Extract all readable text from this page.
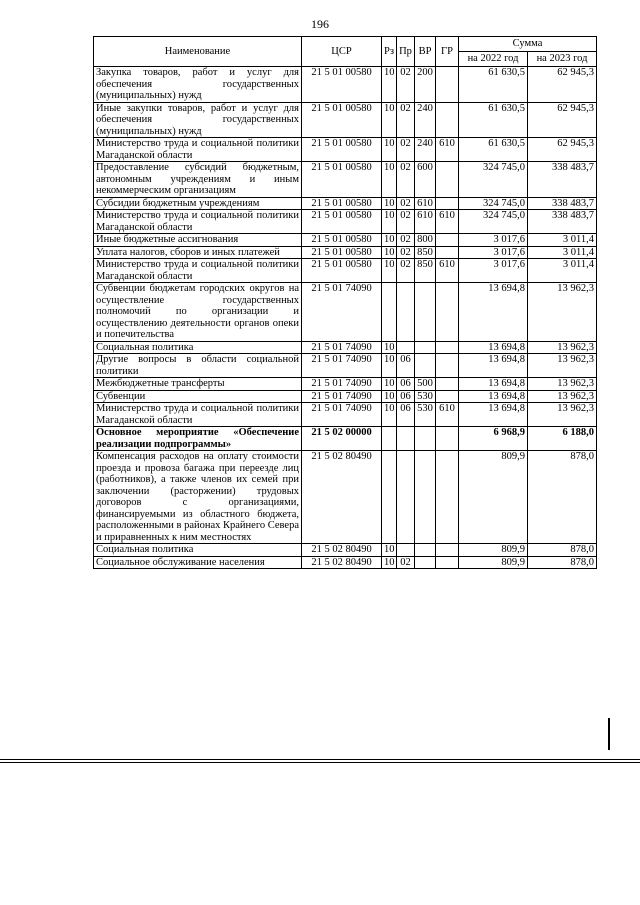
196
Наименование	ЦСР	Рз	Пр	ВР	ГР	Сумма	
						на 2022 год	на 2023 год
Закупка товаров, работ и услуг для обеспечения государственных (муниципальных) нужд	21 5 01 00580	10	02	200		61 630,5	62 945,3
Иные закупки товаров, работ и услуг для обеспечения государственных (муниципальных) нужд	21 5 01 00580	10	02	240		61 630,5	62 945,3
Министерство труда и социальной политики Магаданской области	21 5 01 00580	10	02	240	610	61 630,5	62 945,3
Предоставление субсидий бюджетным, автономным учреждениям и иным некоммерческим организациям	21 5 01 00580	10	02	600		324 745,0	338 483,7
Субсидии бюджетным учреждениям	21 5 01 00580	10	02	610		324 745,0	338 483,7
Министерство труда и социальной политики Магаданской области	21 5 01 00580	10	02	610	610	324 745,0	338 483,7
Иные бюджетные ассигнования	21 5 01 00580	10	02	800		3 017,6	3 011,4
Уплата налогов, сборов и иных платежей	21 5 01 00580	10	02	850		3 017,6	3 011,4
Министерство труда и социальной политики Магаданской области	21 5 01 00580	10	02	850	610	3 017,6	3 011,4
Субвенции бюджетам городских округов на осуществление государственных полномочий по организации и осуществлению деятельности органов опеки и попечительства	21 5 01 74090					13 694,8	13 962,3
Социальная политика	21 5 01 74090	10				13 694,8	13 962,3
Другие вопросы в области социальной политики	21 5 01 74090	10	06			13 694,8	13 962,3
Межбюджетные трансферты	21 5 01 74090	10	06	500		13 694,8	13 962,3
Субвенции	21 5 01 74090	10	06	530		13 694,8	13 962,3
Министерство труда и социальной политики Магаданской области	21 5 01 74090	10	06	530	610	13 694,8	13 962,3
Основное мероприятие «Обеспечение реализации подпрограммы»	21 5 02 00000					6 968,9	6 188,0
Компенсация расходов на оплату стоимости проезда и провоза багажа при переезде лиц (работников), а также членов их семей при заключении (расторжении) трудовых договоров с организациями, финансируемыми из областного бюджета, расположенными в районах Крайнего Севера и приравненных к ним местностях	21 5 02 80490					809,9	878,0
Социальная политика	21 5 02 80490	10				809,9	878,0
Социальное обслуживание населения	21 5 02 80490	10	02			809,9	878,0
